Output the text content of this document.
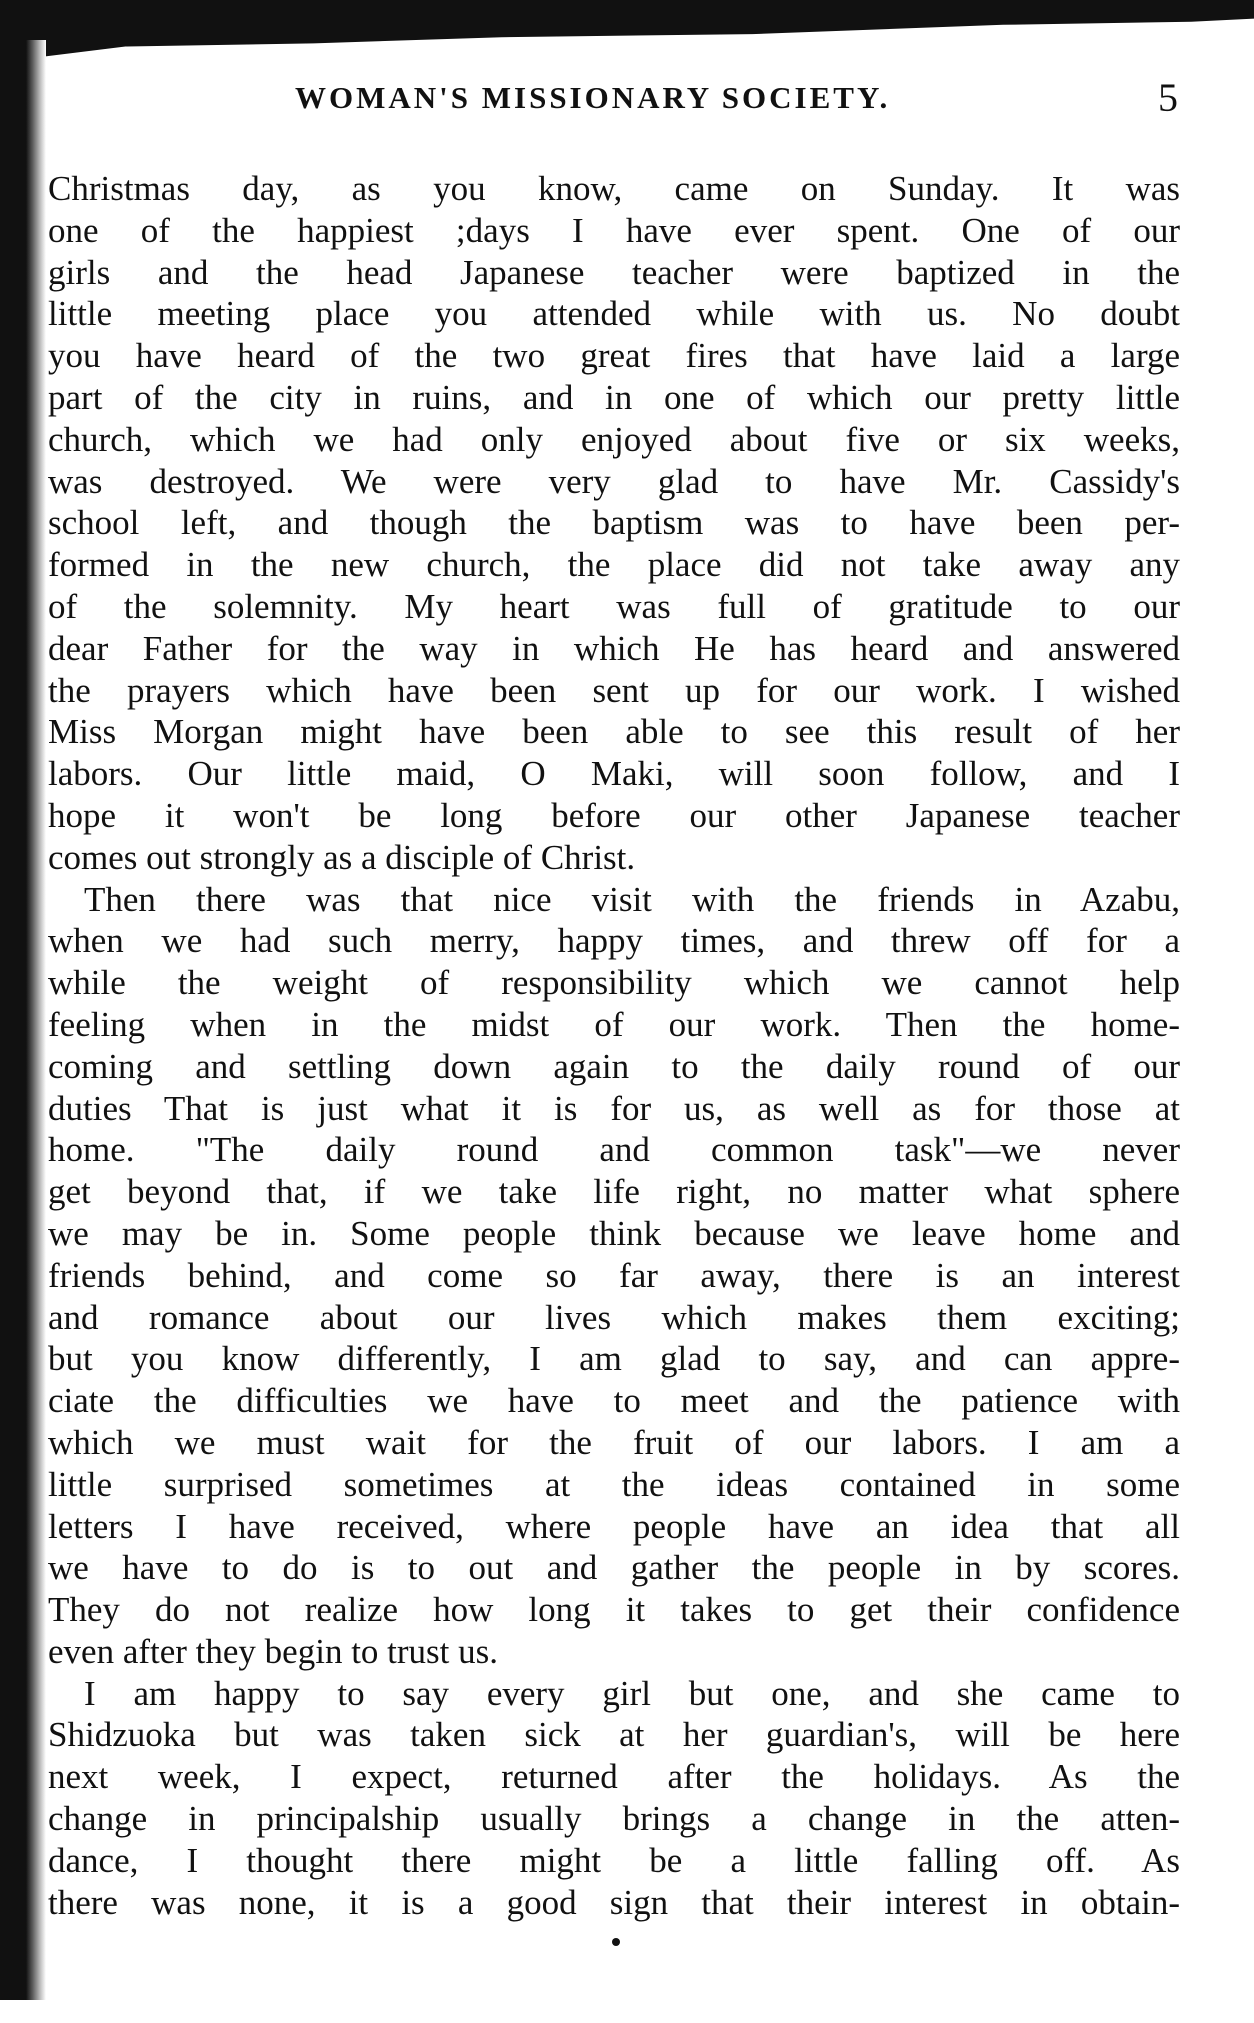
WOMAN'S MISSIONARY SOCIETY.	5
Christmas day, as you know, came on Sunday. It was
one of the happiest ;days I have ever spent. One of our
girls and the head Japanese teacher were baptized in the
little meeting place you attended while with us. No doubt
you have heard of the two great fires that have laid a large
part of the city in ruins, and in one of which our pretty little
church, which we had only enjoyed about five or six weeks,
was destroyed. We were very glad to have Mr. Cassidy's
school left, and though the baptism was to have been per-
formed in the new church, the place did not take away any
of the solemnity. My heart was full of gratitude to our
dear Father for the way in which He has heard and answered
the prayers which have been sent up for our work. I wished
Miss Morgan might have been able to see this result of her
labors. Our little maid, O Maki, will soon follow, and I
hope it won't be long before our other Japanese teacher
comes out strongly as a disciple of Christ.
Then there was that nice visit with the friends in Azabu,
when we had such merry, happy times, and threw off for a
while the weight of responsibility which we cannot help
feeling when in the midst of our work. Then the home-
coming and settling down again to the daily round of our
duties That is just what it is for us, as well as for those at
home. "The daily round and common task"—we never
get beyond that, if we take life right, no matter what sphere
we may be in. Some people think because we leave home and
friends behind, and come so far away, there is an interest
and romance about our lives which makes them exciting;
but you know differently, I am glad to say, and can appre-
ciate the difficulties we have to meet and the patience with
which we must wait for the fruit of our labors. I am a
little surprised sometimes at the ideas contained in some
letters I have received, where people have an idea that all
we have to do is to out and gather the people in by scores.
They do not realize how long it takes to get their confidence
even after they begin to trust us.
I am happy to say every girl but one, and she came to
Shidzuoka but was taken sick at her guardian's, will be here
next week, I expect, returned after the holidays. As the
change in principalship usually brings a change in the atten-
dance, I thought there might be a little falling off. As
there was none, it is a good sign that their interest in obtain-
